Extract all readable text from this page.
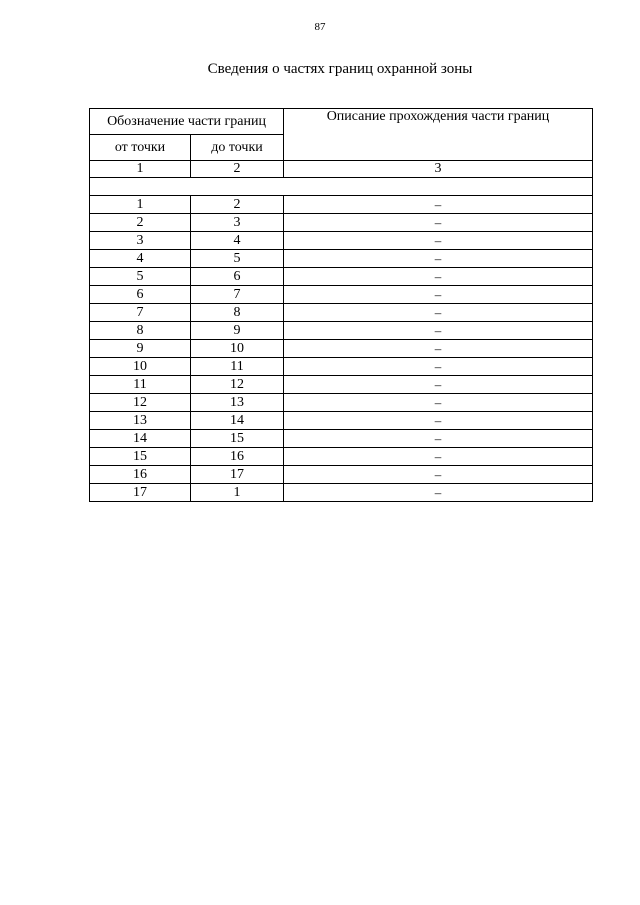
87
Сведения о частях границ охранной зоны
Обозначение части границ		Описание прохождения части границ
от точки	до точки	
1	2	3

1	2	–
2	3	–
3	4	–
4	5	–
5	6	–
6	7	–
7	8	–
8	9	–
9	10	–
10	11	–
11	12	–
12	13	–
13	14	–
14	15	–
15	16	–
16	17	–
17	1	–
